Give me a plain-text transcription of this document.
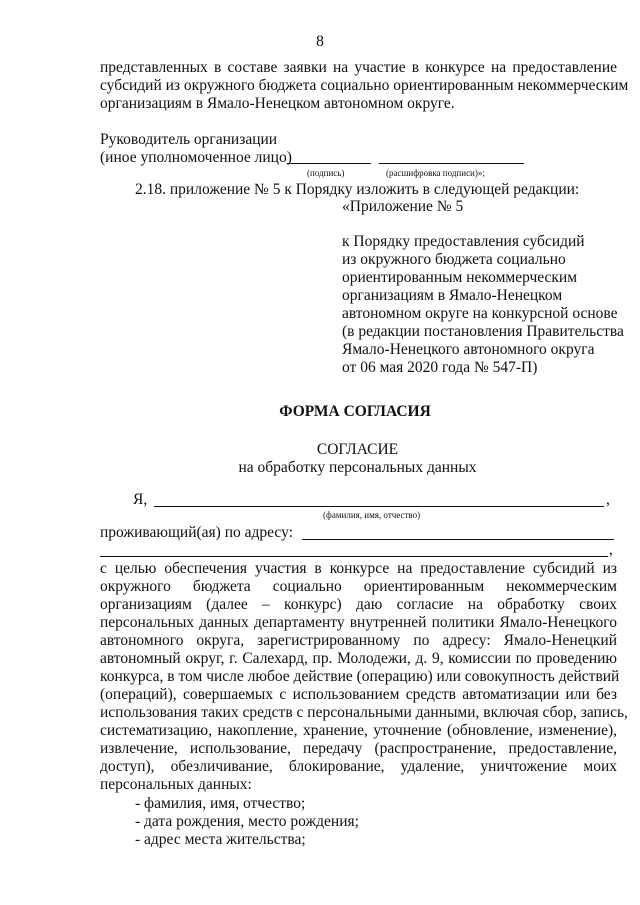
8
представленных в составе заявки на участие в конкурсе на предоставление
субсидий из окружного бюджета социально ориентированным некоммерческим
организациям в Ямало-Ненецком автономном округе.
Руководитель организации
(иное уполномоченное лицо)
(подпись)	(расшифровка подписи)»;
2.18. приложение № 5 к Порядку изложить в следующей редакции:
«Приложение № 5
к Порядку предоставления субсидий
из окружного бюджета социально
ориентированным некоммерческим
организациям в Ямало-Ненецком
автономном округе на конкурсной основе
(в редакции постановления Правительства
Ямало-Ненецкого автономного округа
от 06 мая 2020 года № 547-П)
ФОРМА СОГЛАСИЯ
СОГЛАСИЕ
на обработку персональных данных
Я,	,
(фамилия, имя, отчество)
проживающий(ая) по адресу:
,
с целью обеспечения участия в конкурсе на предоставление субсидий из
окружного бюджета социально ориентированным некоммерческим
организациям (далее – конкурс) даю согласие на обработку своих
персональных данных департаменту внутренней политики Ямало-Ненецкого
автономного округа, зарегистрированному по адресу: Ямало-Ненецкий
автономный округ, г. Салехард, пр. Молодежи, д. 9, комиссии по проведению
конкурса, в том числе любое действие (операцию) или совокупность действий
(операций), совершаемых с использованием средств автоматизации или без
использования таких средств с персональными данными, включая сбор, запись,
систематизацию, накопление, хранение, уточнение (обновление, изменение),
извлечение, использование, передачу (распространение, предоставление,
доступ), обезличивание, блокирование, удаление, уничтожение моих
персональных данных:
- фамилия, имя, отчество;
- дата рождения, место рождения;
- адрес места жительства;
